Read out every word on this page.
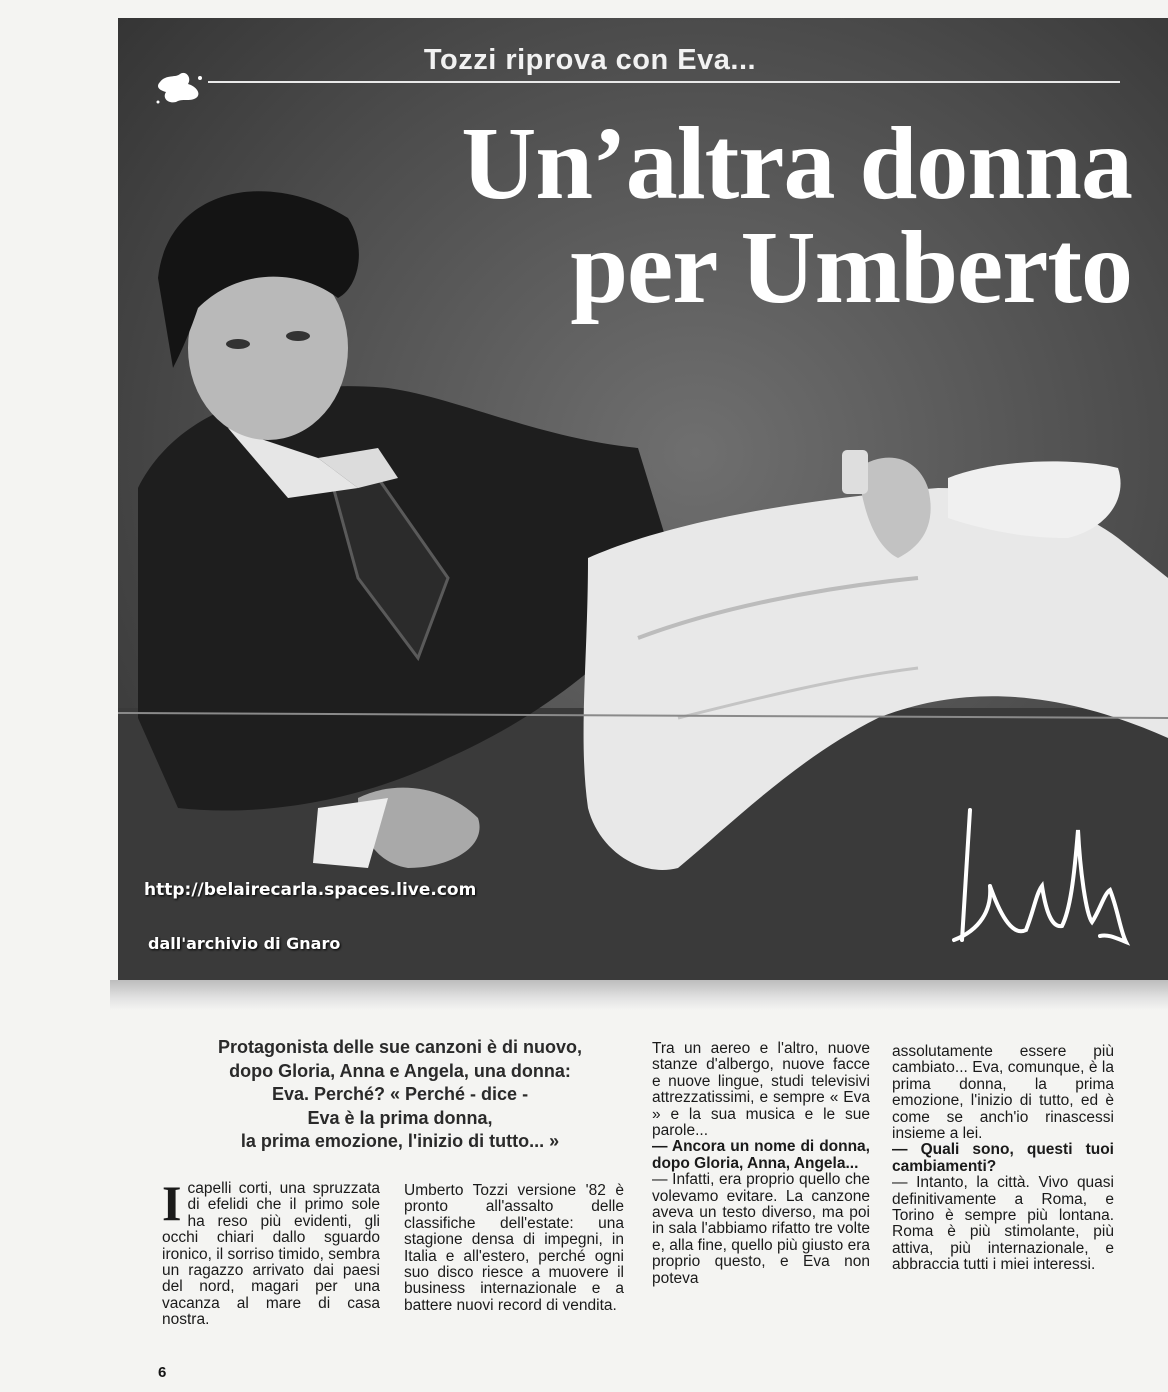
Tozzi riprova con Eva...
Un’altra donna
per Umberto
http://belairecarla.spaces.live.com
dall'archivio di Gnaro
Protagonista delle sue canzoni è di nuovo,
dopo Gloria, Anna e Angela, una donna:
Eva. Perché? « Perché - dice -
Eva è la prima donna,
la prima emozione, l'inizio di tutto... »
I capelli corti, una spruzzata di efelidi che il primo sole ha reso più evidenti, gli occhi chiari dallo sguardo ironico, il sorriso timido, sembra un ragazzo arrivato dai paesi del nord, magari per una vacanza al mare di casa nostra.

Umberto Tozzi versione '82 è pronto all'assalto delle classifiche dell'estate: una stagione densa di impegni, in Italia e all'estero, perché ogni suo disco riesce a muovere il business internazionale e a battere nuovi record di vendita.

Tra un aereo e l'altro, nuove stanze d'albergo, nuove facce e nuove lingue, studi televisivi attrezzatissimi, e sempre « Eva » e la sua musica e le sue parole...

— Ancora un nome di donna, dopo Gloria, Anna, Angela...

— Infatti, era proprio quello che volevamo evitare. La canzone aveva un testo diverso, ma poi in sala l'abbiamo rifatto tre volte e, alla fine, quello più giusto era proprio questo, e Eva non poteva

assolutamente essere più cambiato... Eva, comunque, è la prima donna, la prima emozione, l'inizio di tutto, ed è come se anch'io rinascessi insieme a lei.

— Quali sono, questi tuoi cambiamenti?

— Intanto, la città. Vivo quasi definitivamente a Roma, e Torino è sempre più lontana. Roma è più stimolante, più attiva, più internazionale, e abbraccia tutti i miei interessi.

6
